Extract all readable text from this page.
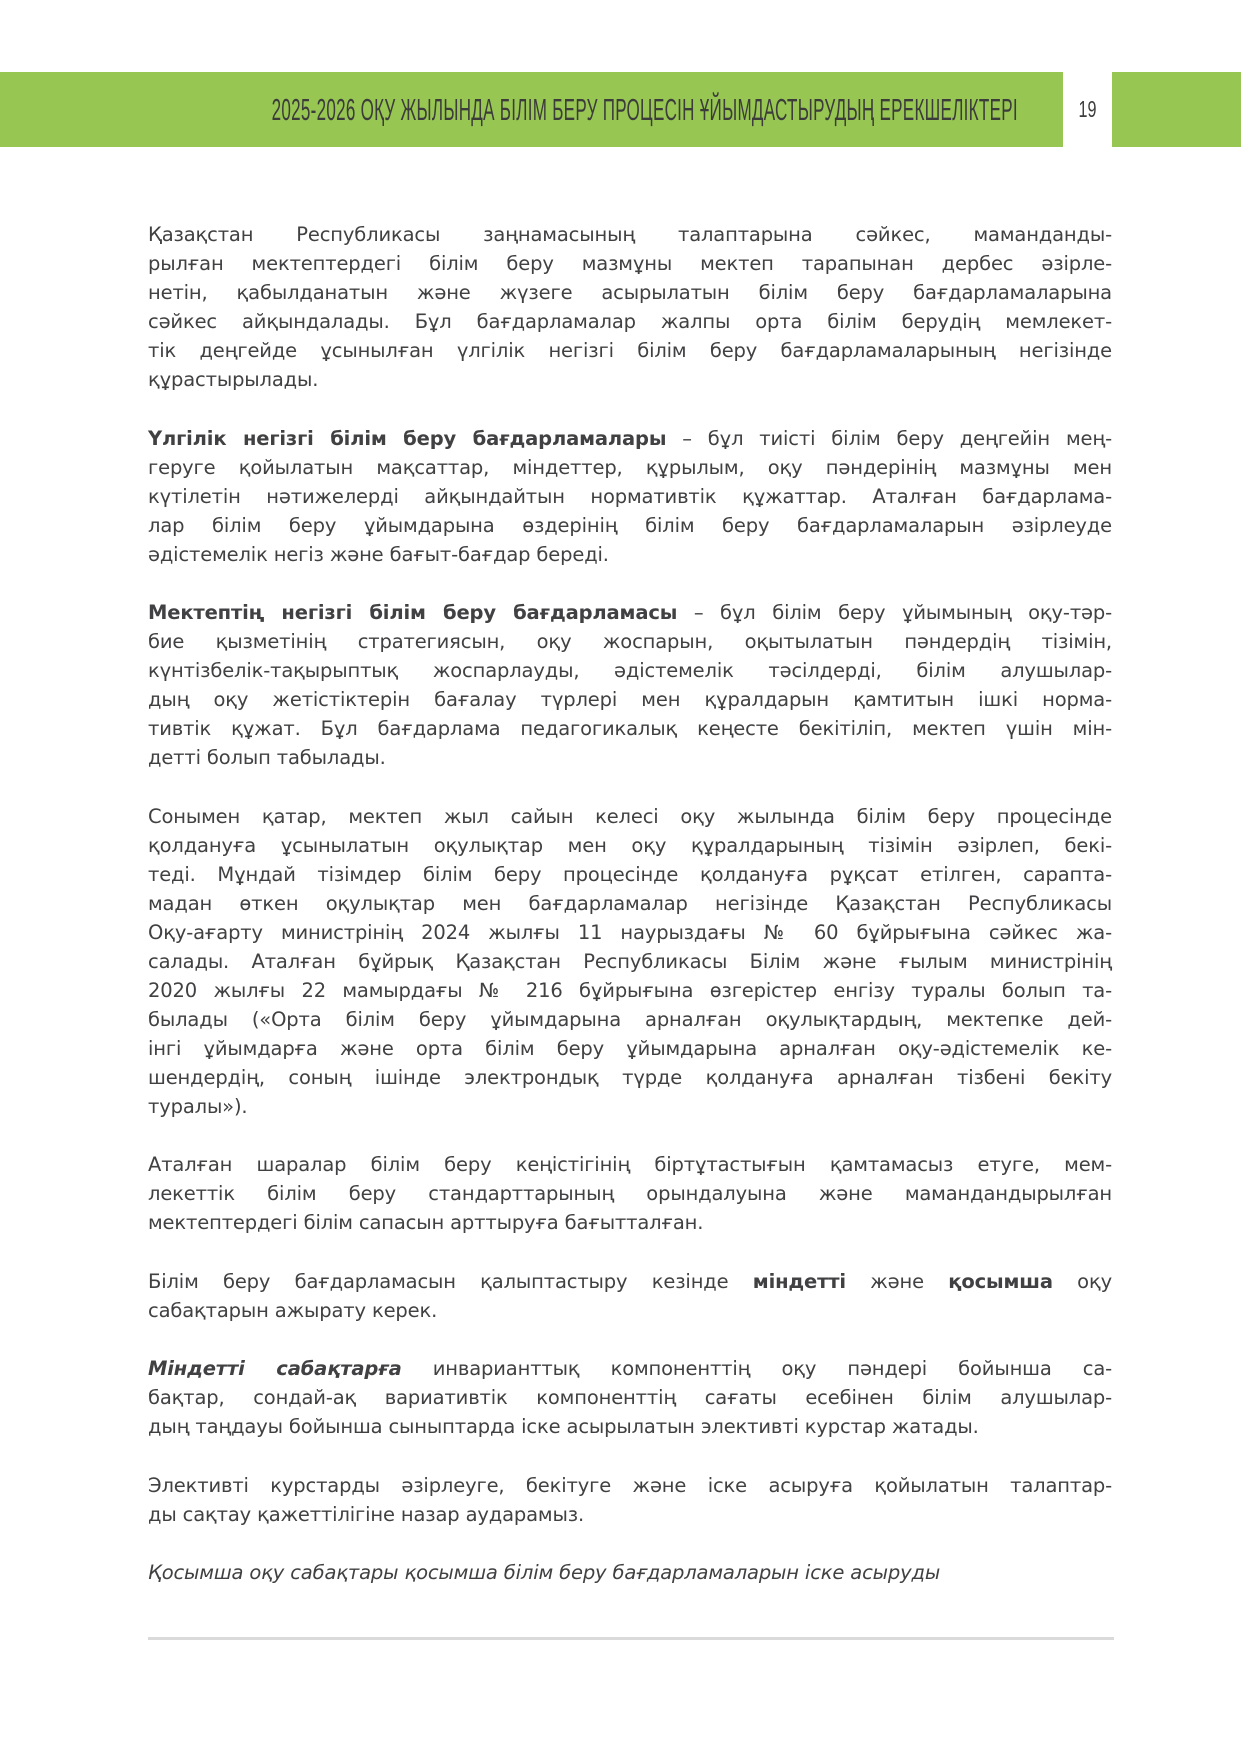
2025-2026 ОҚУ ЖЫЛЫНДА БІЛІМ БЕРУ ПРОЦЕСІН ҰЙЫМДАСТЫРУДЫҢ ЕРЕКШЕЛІКТЕРІ	19
Қазақстан Республикасы заңнамасының талаптарына сәйкес, маманданды-
рылған мектептердегі білім беру мазмұны мектеп тарапынан дербес әзірле-
нетін, қабылданатын және жүзеге асырылатын білім беру бағдарламаларына
сәйкес айқындалады. Бұл бағдарламалар жалпы орта білім берудің мемлекет-
тік деңгейде ұсынылған үлгілік негізгі білім беру бағдарламаларының негізінде
құрастырылады.
Үлгілік негізгі білім беру бағдарламалары – бұл тиісті білім беру деңгейін мең-
геруге қойылатын мақсаттар, міндеттер, құрылым, оқу пәндерінің мазмұны мен
күтілетін нәтижелерді айқындайтын нормативтік құжаттар. Аталған бағдарлама-
лар білім беру ұйымдарына өздерінің білім беру бағдарламаларын әзірлеуде
әдістемелік негіз және бағыт-бағдар береді.
Мектептің негізгі білім беру бағдарламасы – бұл білім беру ұйымының оқу-тәр-
бие қызметінің стратегиясын, оқу жоспарын, оқытылатын пәндердің тізімін,
күнтізбелік-тақырыптық жоспарлауды, әдістемелік тәсілдерді, білім алушылар-
дың оқу жетістіктерін бағалау түрлері мен құралдарын қамтитын ішкі норма-
тивтік құжат. Бұл бағдарлама педагогикалық кеңесте бекітіліп, мектеп үшін мін-
детті болып табылады.
Сонымен қатар, мектеп жыл сайын келесі оқу жылында білім беру процесінде
қолдануға ұсынылатын оқулықтар мен оқу құралдарының тізімін әзірлеп, бекі-
теді. Мұндай тізімдер білім беру процесінде қолдануға рұқсат етілген, сарапта-
мадан өткен оқулықтар мен бағдарламалар негізінде Қазақстан Республикасы
Оқу-ағарту министрінің 2024 жылғы 11 наурыздағы № 60 бұйрығына сәйкес жа-
салады. Аталған бұйрық Қазақстан Республикасы Білім және ғылым министрінің
2020 жылғы 22 мамырдағы № 216 бұйрығына өзгерістер енгізу туралы болып та-
былады («Орта білім беру ұйымдарына арналған оқулықтардың, мектепке дей-
інгі ұйымдарға және орта білім беру ұйымдарына арналған оқу-әдістемелік ке-
шендердің, соның ішінде электрондық түрде қолдануға арналған тізбені бекіту
туралы»).
Аталған шаралар білім беру кеңістігінің біртұтастығын қамтамасыз етуге, мем-
лекеттік білім беру стандарттарының орындалуына және мамандандырылған
мектептердегі білім сапасын арттыруға бағытталған.
Білім беру бағдарламасын қалыптастыру кезінде міндетті және қосымша оқу
сабақтарын ажырату керек.
Міндетті сабақтарға инварианттық компоненттің оқу пәндері бойынша са-
бақтар, сондай-ақ вариативтік компоненттің сағаты есебінен білім алушылар-
дың таңдауы бойынша сыныптарда іске асырылатын элективті курстар жатады.
Элективті курстарды әзірлеуге, бекітуге және іске асыруға қойылатын талаптар-
ды сақтау қажеттілігіне назар аударамыз.
Қосымша оқу сабақтары қосымша білім беру бағдарламаларын іске асыруды
